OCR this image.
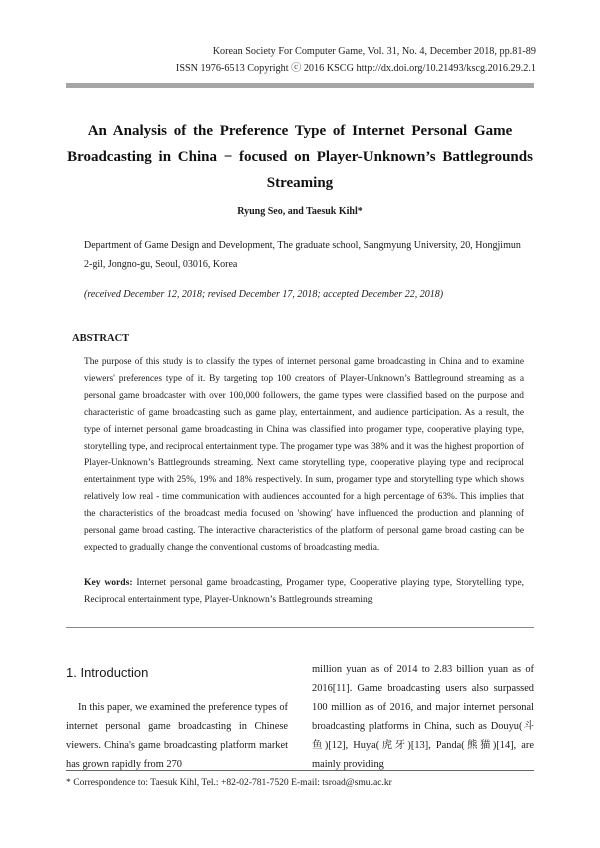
Korean Society For Computer Game, Vol. 31, No. 4, December 2018, pp.81-89
ISSN 1976-6513 Copyright ⓒ 2016 KSCG http://dx.doi.org/10.21493/kscg.2016.29.2.1
An Analysis of the Preference Type of Internet Personal Game Broadcasting in China − focused on Player-Unknown’s Battlegrounds Streaming
Ryung Seo, and Taesuk Kihl*
Department of Game Design and Development, The graduate school, Sangmyung University, 20, Hongjimun 2-gil, Jongno-gu, Seoul, 03016, Korea
(received December 12, 2018; revised December 17, 2018; accepted December 22, 2018)
ABSTRACT
The purpose of this study is to classify the types of internet personal game broadcasting in China and to examine viewers' preferences type of it. By targeting top 100 creators of Player-Unknown’s Battleground streaming as a personal game broadcaster with over 100,000 followers, the game types were classified based on the purpose and characteristic of game broadcasting such as game play, entertainment, and audience participation. As a result, the type of internet personal game broadcasting in China was classified into progamer type, cooperative playing type, storytelling type, and reciprocal entertainment type. The progamer type was 38% and it was the highest proportion of Player-Unknown’s Battlegrounds streaming. Next came storytelling type, cooperative playing type and reciprocal entertainment type with 25%, 19% and 18% respectively. In sum, progamer type and storytelling type which shows relatively low real - time communication with audiences accounted for a high percentage of 63%. This implies that the characteristics of the broadcast media focused on 'showing' have influenced the production and planning of personal game broad casting. The interactive characteristics of the platform of personal game broad casting can be expected to gradually change the conventional customs of broadcasting media.
Key words: Internet personal game broadcasting, Progamer type, Cooperative playing type, Storytelling type, Reciprocal entertainment type, Player-Unknown’s Battlegrounds streaming
1. Introduction

In this paper, we examined the preference types of internet personal game broadcasting in Chinese viewers. China's game broadcasting platform market has grown rapidly from 270

million yuan as of 2014 to 2.83 billion yuan as of 2016[11]. Game broadcasting users also surpassed 100 million as of 2016, and major internet personal broadcasting platforms in China, such as Douyu(斗鱼)[12], Huya(虎牙)[13], Panda(熊猫)[14], are mainly providing

* Correspondence to: Taesuk Kihl, Tel.: +82-02-781-7520 E-mail: tsroad@smu.ac.kr
